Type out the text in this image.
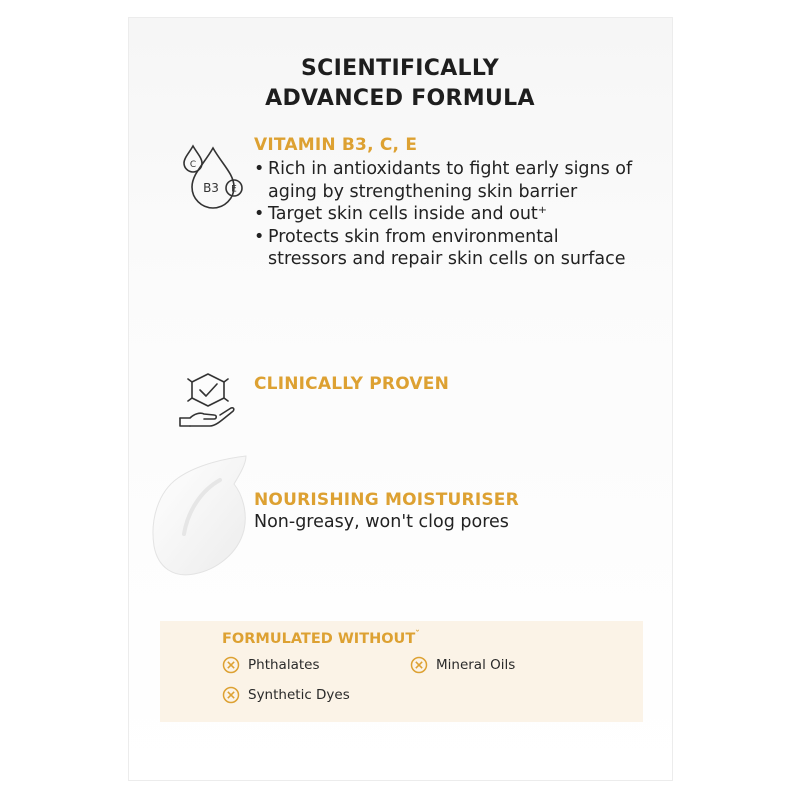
SCIENTIFICALLY
ADVANCED FORMULA
C
B3 E
VITAMIN B3, C, E
• Rich in antioxidants to fight early signs of aging by strengthening skin barrier
• Target skin cells inside and out⁺
• Protects skin from environmental stressors and repair skin cells on surface
CLINICALLY PROVEN
NOURISHING MOISTURISER
Non-greasy, won't clog pores
FORMULATED $WITHOUT^ˇ$
Phthalates	Mineral Oils
Synthetic Dyes
